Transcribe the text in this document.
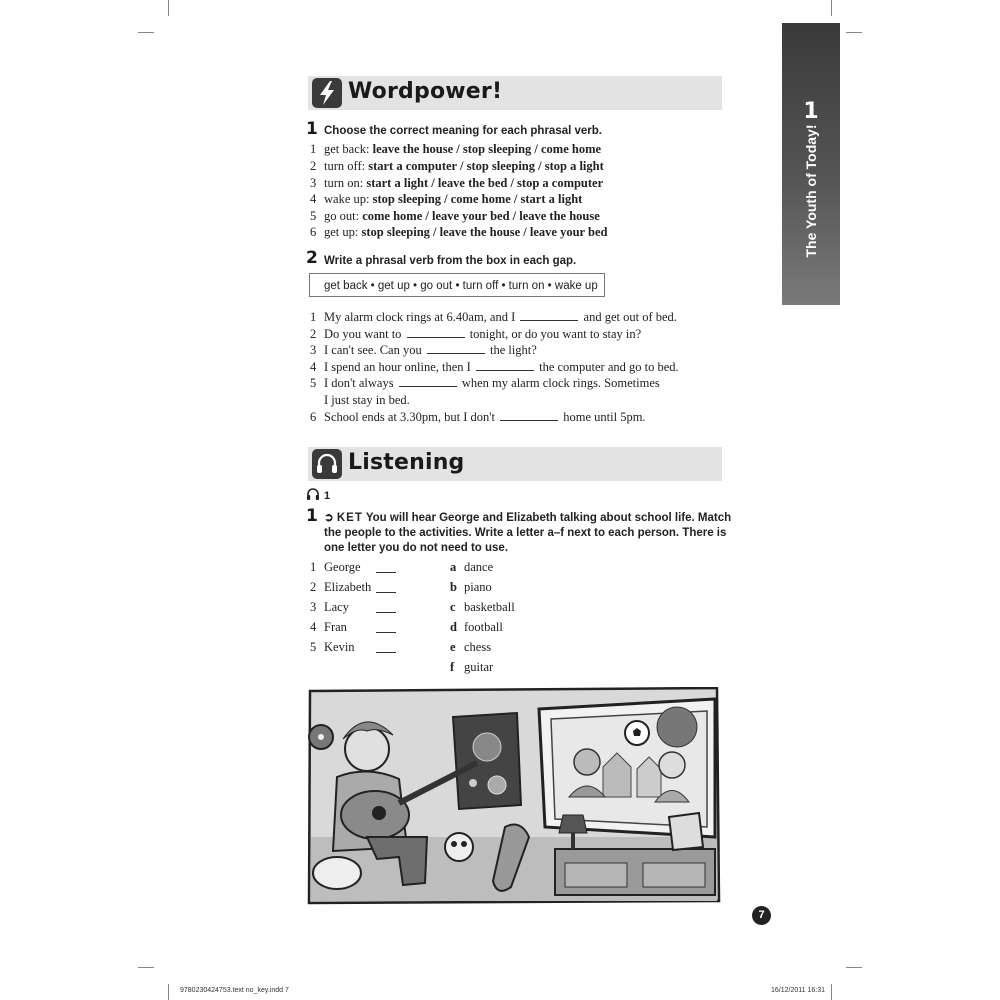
1
The Youth of Today!
Wordpower!
1 Choose the correct meaning for each phrasal verb.
1 get back: leave the house / stop sleeping / come home
2 turn off: start a computer / stop sleeping / stop a light
3 turn on: start a light / leave the bed / stop a computer
4 wake up: stop sleeping / come home / start a light
5 go out: come home / leave your bed / leave the house
6 get up: stop sleeping / leave the house / leave your bed
2 Write a phrasal verb from the box in each gap.
get back • get up • go out • turn off • turn on • wake up
1 My alarm clock rings at 6.40am, and I	and get out of bed.
2 Do you want to	tonight, or do you want to stay in?
3 I can't see. Can you	the light?
4 I spend an hour online, then I	the computer and go to bed.
5 I don't always	when my alarm clock rings. Sometimes
I just stay in bed.
6 School ends at 3.30pm, but I don't	home until 5pm.
Listening
1
1 ➲ KET You will hear George and Elizabeth talking about school life. Match
the people to the activities. Write a letter a–f next to each person. There is
one letter you do not need to use.
1 George
2 Elizabeth
3 Lacy
4 Fran
5 Kevin
a dance
b piano
c basketball
d football
e chess
f guitar
7
9780230424753.text no_key.indd 7	16/12/2011 16:31
